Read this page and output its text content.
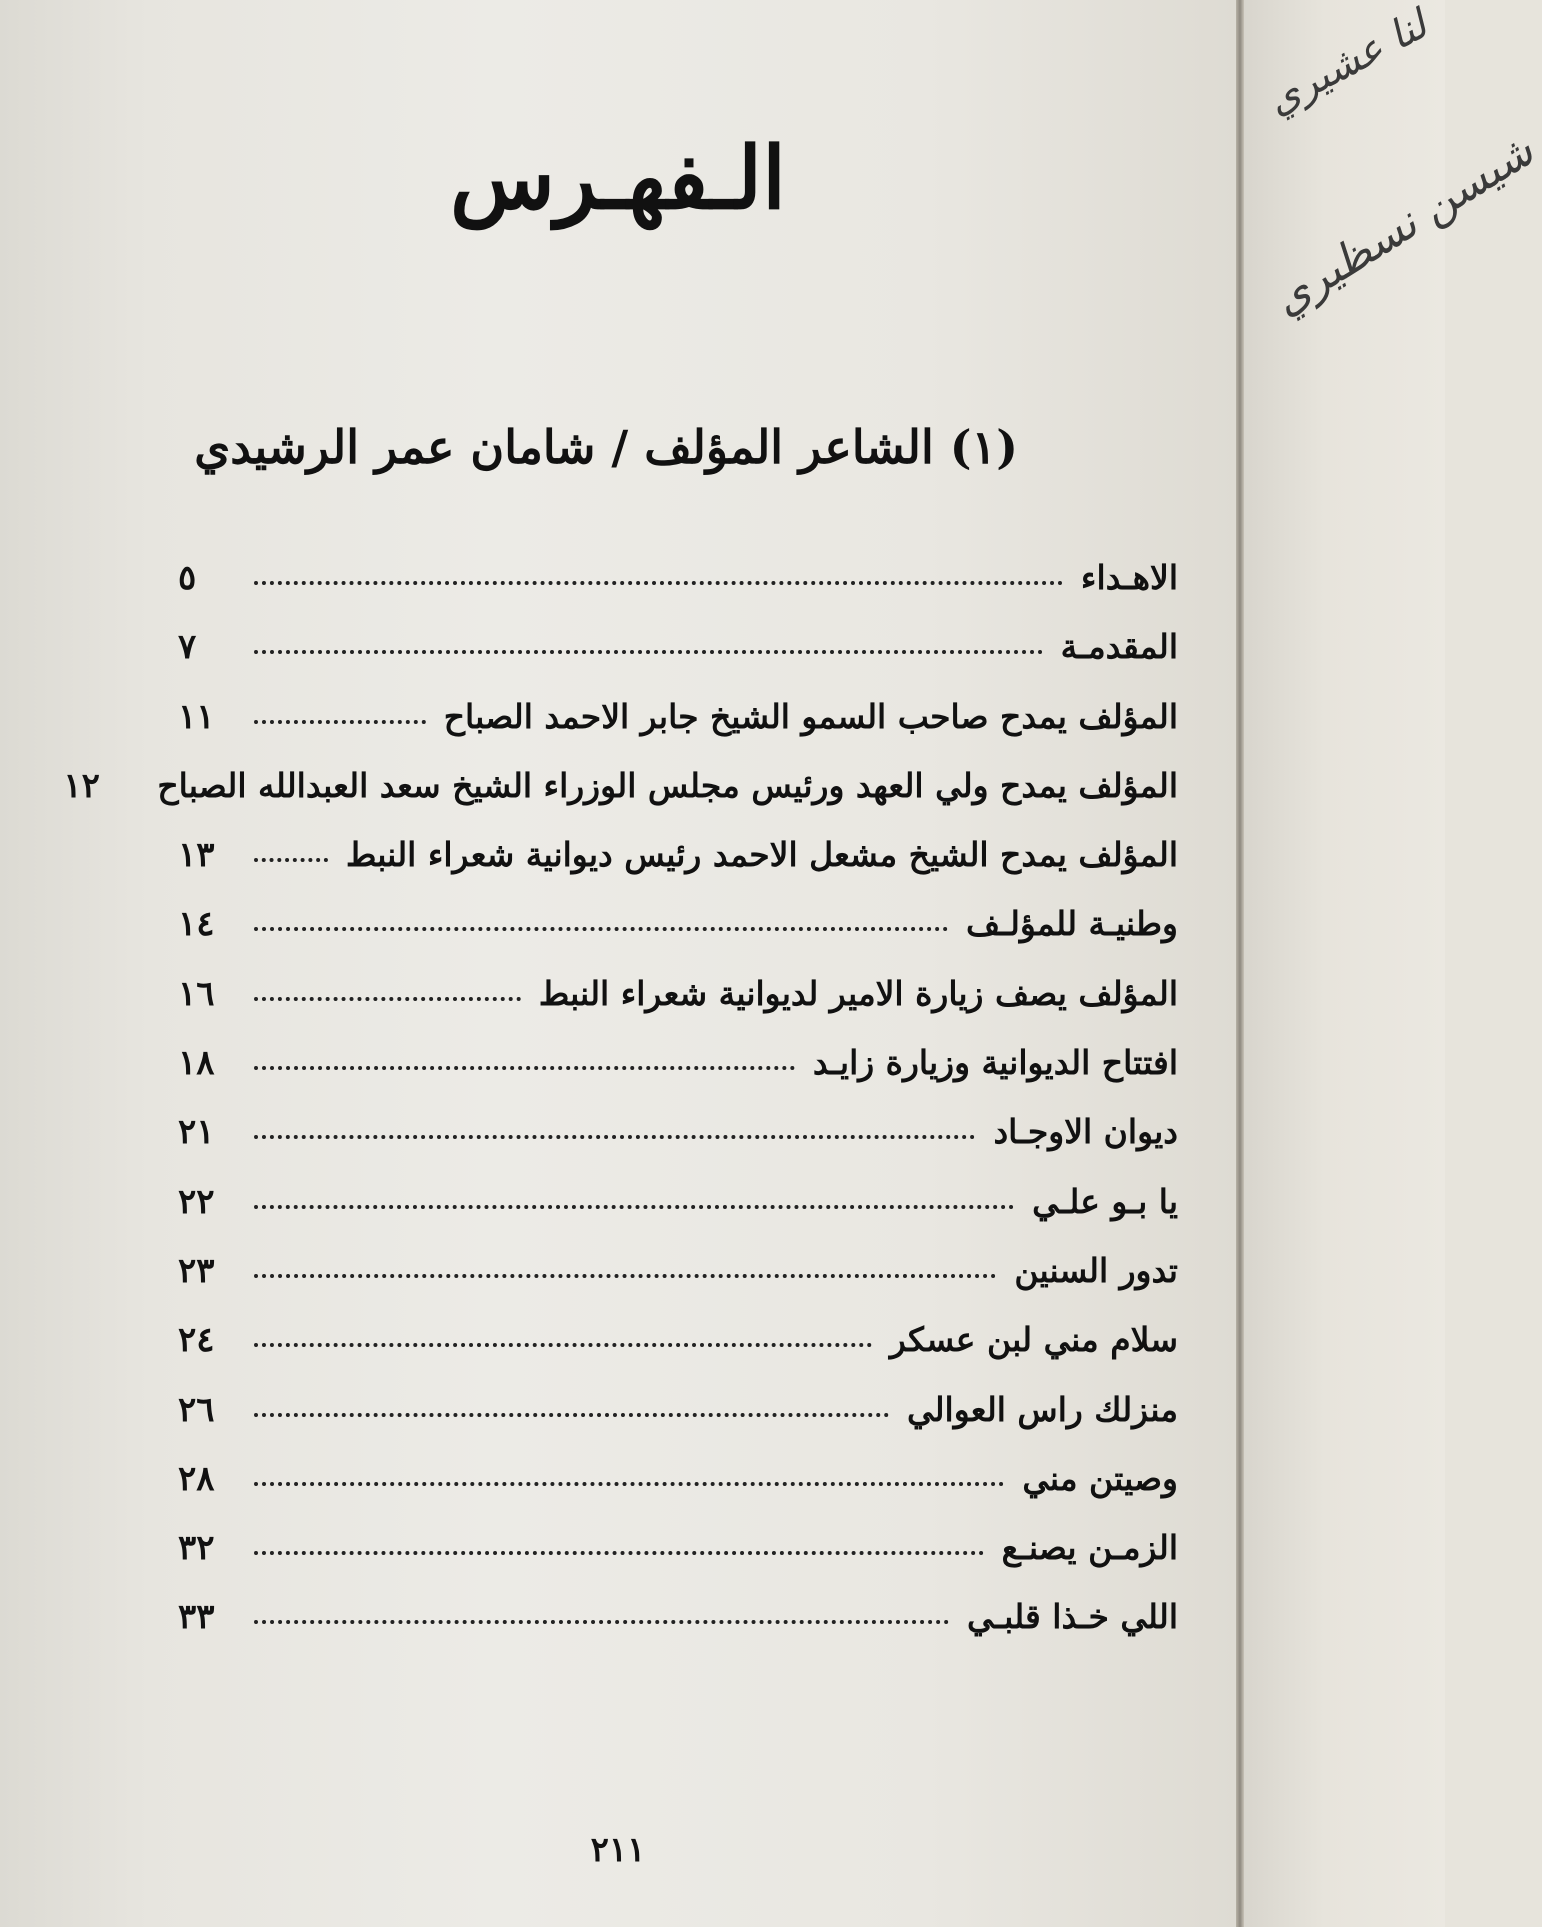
الـفهـرس
(١) الشاعر المؤلف / شامان عمر الرشيدي
الاهـداء
٥
المقدمـة
٧
المؤلف يمدح صاحب السمو الشيخ جابر الاحمد الصباح
١١
المؤلف يمدح ولي العهد ورئيس مجلس الوزراء الشيخ سعد العبدالله الصباح
١٢
المؤلف يمدح الشيخ مشعل الاحمد رئيس ديوانية شعراء النبط
١٣
وطنيـة للمؤلـف
١٤
المؤلف يصف زيارة الامير لديوانية شعراء النبط
١٦
افتتاح الديوانية وزيارة زايـد
١٨
ديوان الاوجـاد
٢١
يا بـو علـي
٢٢
تدور السنين
٢٣
سلام مني لبن عسكر
٢٤
منزلك راس العوالي
٢٦
وصيتن مني
٢٨
الزمـن يصنـع
٣٢
اللي خـذا قلبـي
٣٣
٢١١
لنا عشيري
شيسن نسظيري
